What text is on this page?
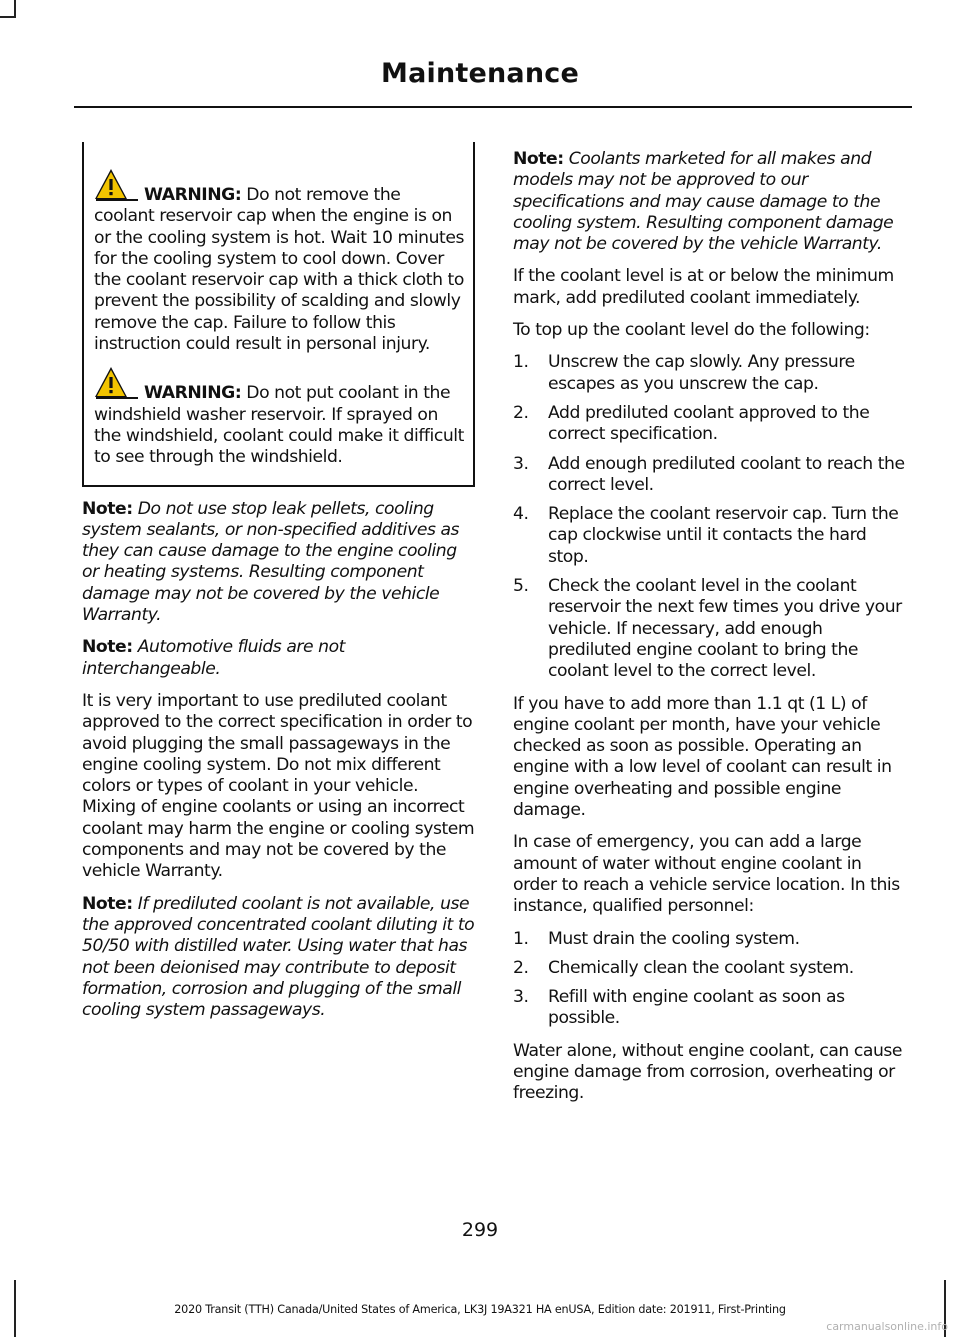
Maintenance

WARNING: Do not remove the coolant reservoir cap when the engine is on or the cooling system is hot. Wait 10 minutes for the cooling system to cool down. Cover the coolant reservoir cap with a thick cloth to prevent the possibility of scalding and slowly remove the cap. Failure to follow this instruction could result in personal injury.

WARNING: Do not put coolant in the windshield washer reservoir. If sprayed on the windshield, coolant could make it difficult to see through the windshield.

Note: Do not use stop leak pellets, cooling system sealants, or non-specified additives as they can cause damage to the engine cooling or heating systems. Resulting component damage may not be covered by the vehicle Warranty.

Note: Automotive fluids are not interchangeable.

It is very important to use prediluted coolant approved to the correct specification in order to avoid plugging the small passageways in the engine cooling system. Do not mix different colors or types of coolant in your vehicle. Mixing of engine coolants or using an incorrect coolant may harm the engine or cooling system components and may not be covered by the vehicle Warranty.

Note: If prediluted coolant is not available, use the approved concentrated coolant diluting it to 50/50 with distilled water. Using water that has not been deionised may contribute to deposit formation, corrosion and plugging of the small cooling system passageways.

Note: Coolants marketed for all makes and models may not be approved to our specifications and may cause damage to the cooling system. Resulting component damage may not be covered by the vehicle Warranty.

If the coolant level is at or below the minimum mark, add prediluted coolant immediately.

To top up the coolant level do the following:

1. Unscrew the cap slowly. Any pressure escapes as you unscrew the cap.
2. Add prediluted coolant approved to the correct specification.
3. Add enough prediluted coolant to reach the correct level.
4. Replace the coolant reservoir cap. Turn the cap clockwise until it contacts the hard stop.
5. Check the coolant level in the coolant reservoir the next few times you drive your vehicle. If necessary, add enough prediluted engine coolant to bring the coolant level to the correct level.

If you have to add more than 1.1 qt (1 L) of engine coolant per month, have your vehicle checked as soon as possible. Operating an engine with a low level of coolant can result in engine overheating and possible engine damage.

In case of emergency, you can add a large amount of water without engine coolant in order to reach a vehicle service location. In this instance, qualified personnel:

1. Must drain the cooling system.
2. Chemically clean the coolant system.
3. Refill with engine coolant as soon as possible.

Water alone, without engine coolant, can cause engine damage from corrosion, overheating or freezing.

299
2020 Transit (TTH) Canada/United States of America, LK3J 19A321 HA enUSA, Edition date: 201911, First-Printing
carmanualsonline.info
